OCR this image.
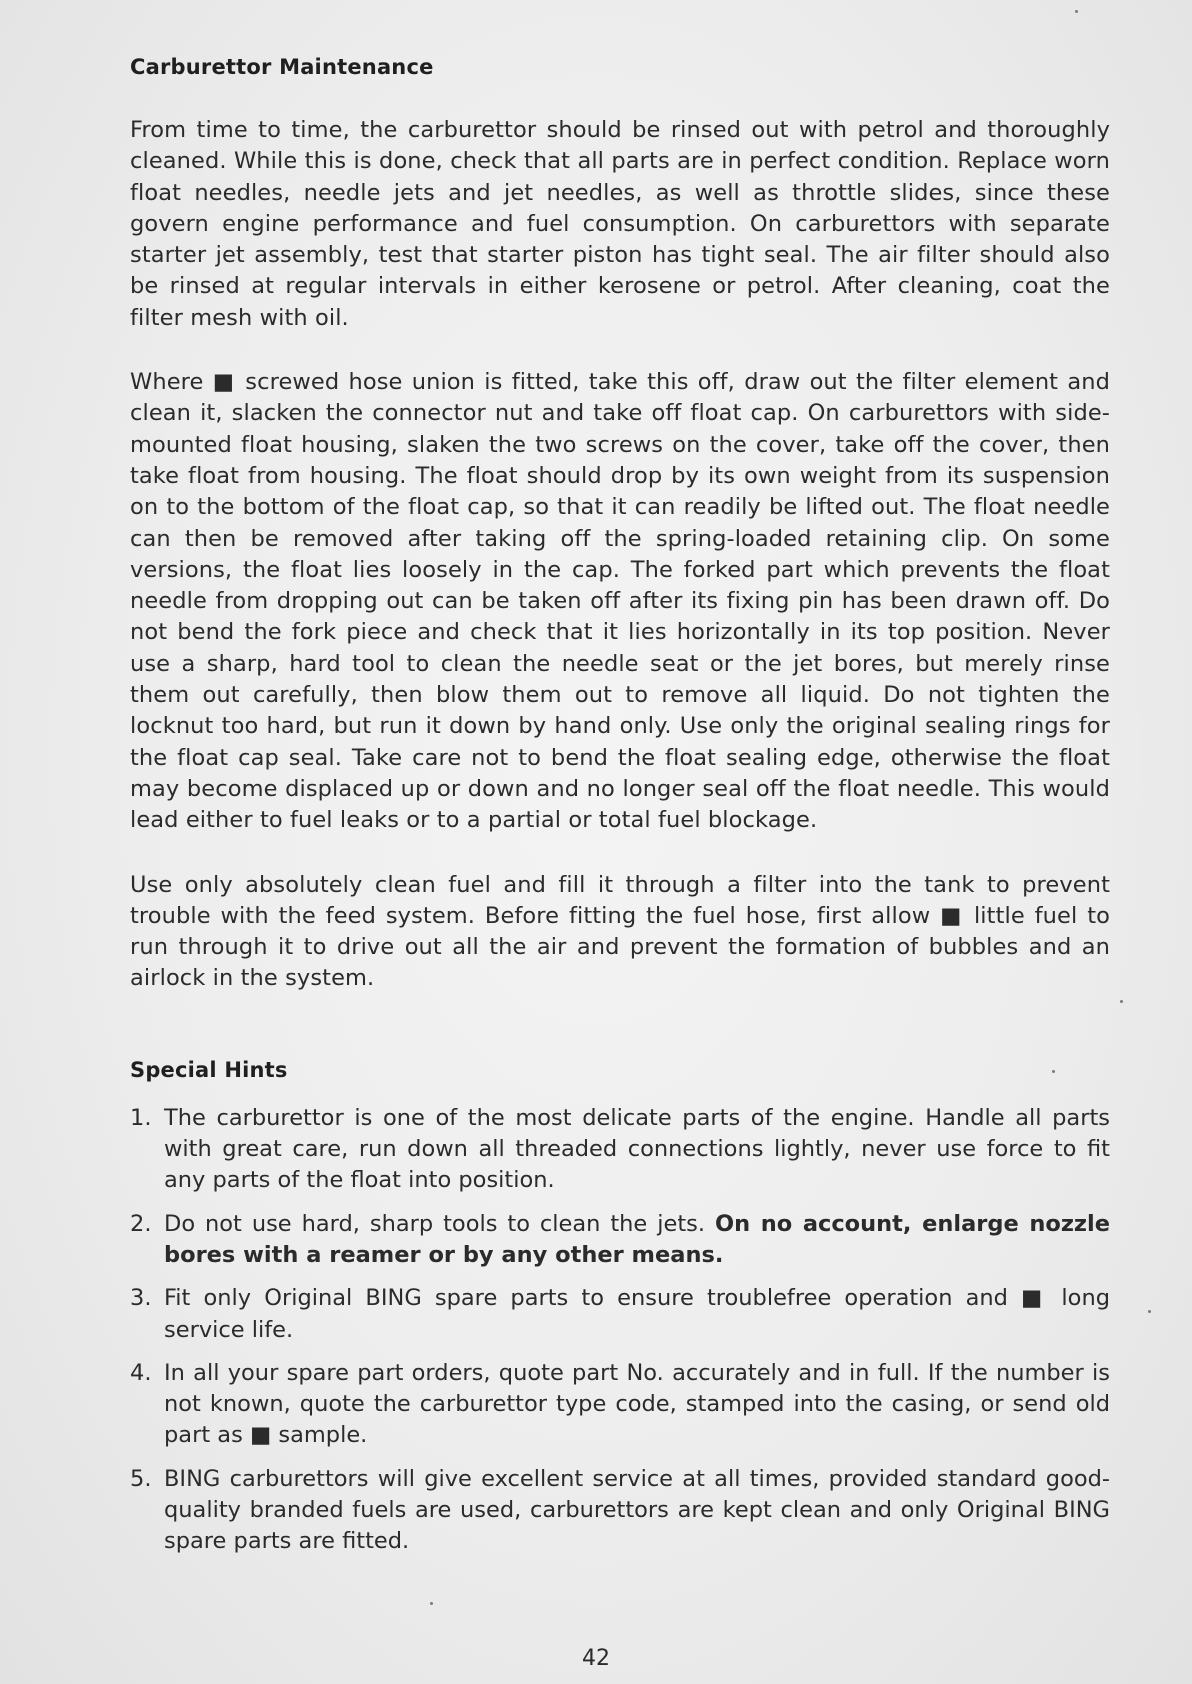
Carburettor Maintenance

From time to time, the carburettor should be rinsed out with petrol and thoroughly cleaned. While this is done, check that all parts are in perfect condition. Replace worn float needles, needle jets and jet needles, as well as throttle slides, since these govern engine performance and fuel consumption. On carburettors with separate starter jet assembly, test that starter piston has tight seal. The air filter should also be rinsed at regular intervals in either kerosene or petrol. After cleaning, coat the filter mesh with oil.

Where ■ screwed hose union is fitted, take this off, draw out the filter element and clean it, slacken the connector nut and take off float cap. On carburettors with side-mounted float housing, slaken the two screws on the cover, take off the cover, then take float from housing. The float should drop by its own weight from its suspension on to the bottom of the float cap, so that it can readily be lifted out. The float needle can then be removed after taking off the spring-loaded retaining clip. On some versions, the float lies loosely in the cap. The forked part which prevents the float needle from dropping out can be taken off after its fixing pin has been drawn off. Do not bend the fork piece and check that it lies horizontally in its top position. Never use a sharp, hard tool to clean the needle seat or the jet bores, but merely rinse them out carefully, then blow them out to remove all liquid. Do not tighten the locknut too hard, but run it down by hand only. Use only the original sealing rings for the float cap seal. Take care not to bend the float sealing edge, otherwise the float may become displaced up or down and no longer seal off the float needle. This would lead either to fuel leaks or to a partial or total fuel blockage.

Use only absolutely clean fuel and fill it through a filter into the tank to prevent trouble with the feed system. Before fitting the fuel hose, first allow ■ little fuel to run through it to drive out all the air and prevent the formation of bubbles and an airlock in the system.

Special Hints
1. The carburettor is one of the most delicate parts of the engine. Handle all parts with great care, run down all threaded connections lightly, never use force to fit any parts of the float into position.

2. Do not use hard, sharp tools to clean the jets. On no account, enlarge nozzle bores with a reamer or by any other means.

3. Fit only Original BING spare parts to ensure troublefree operation and ■ long service life.

4. In all your spare part orders, quote part No. accurately and in full. If the number is not known, quote the carburettor type code, stamped into the casing, or send old part as ■ sample.

5. BING carburettors will give excellent service at all times, provided standard good-quality branded fuels are used, carburettors are kept clean and only Original BING spare parts are fitted.

42
